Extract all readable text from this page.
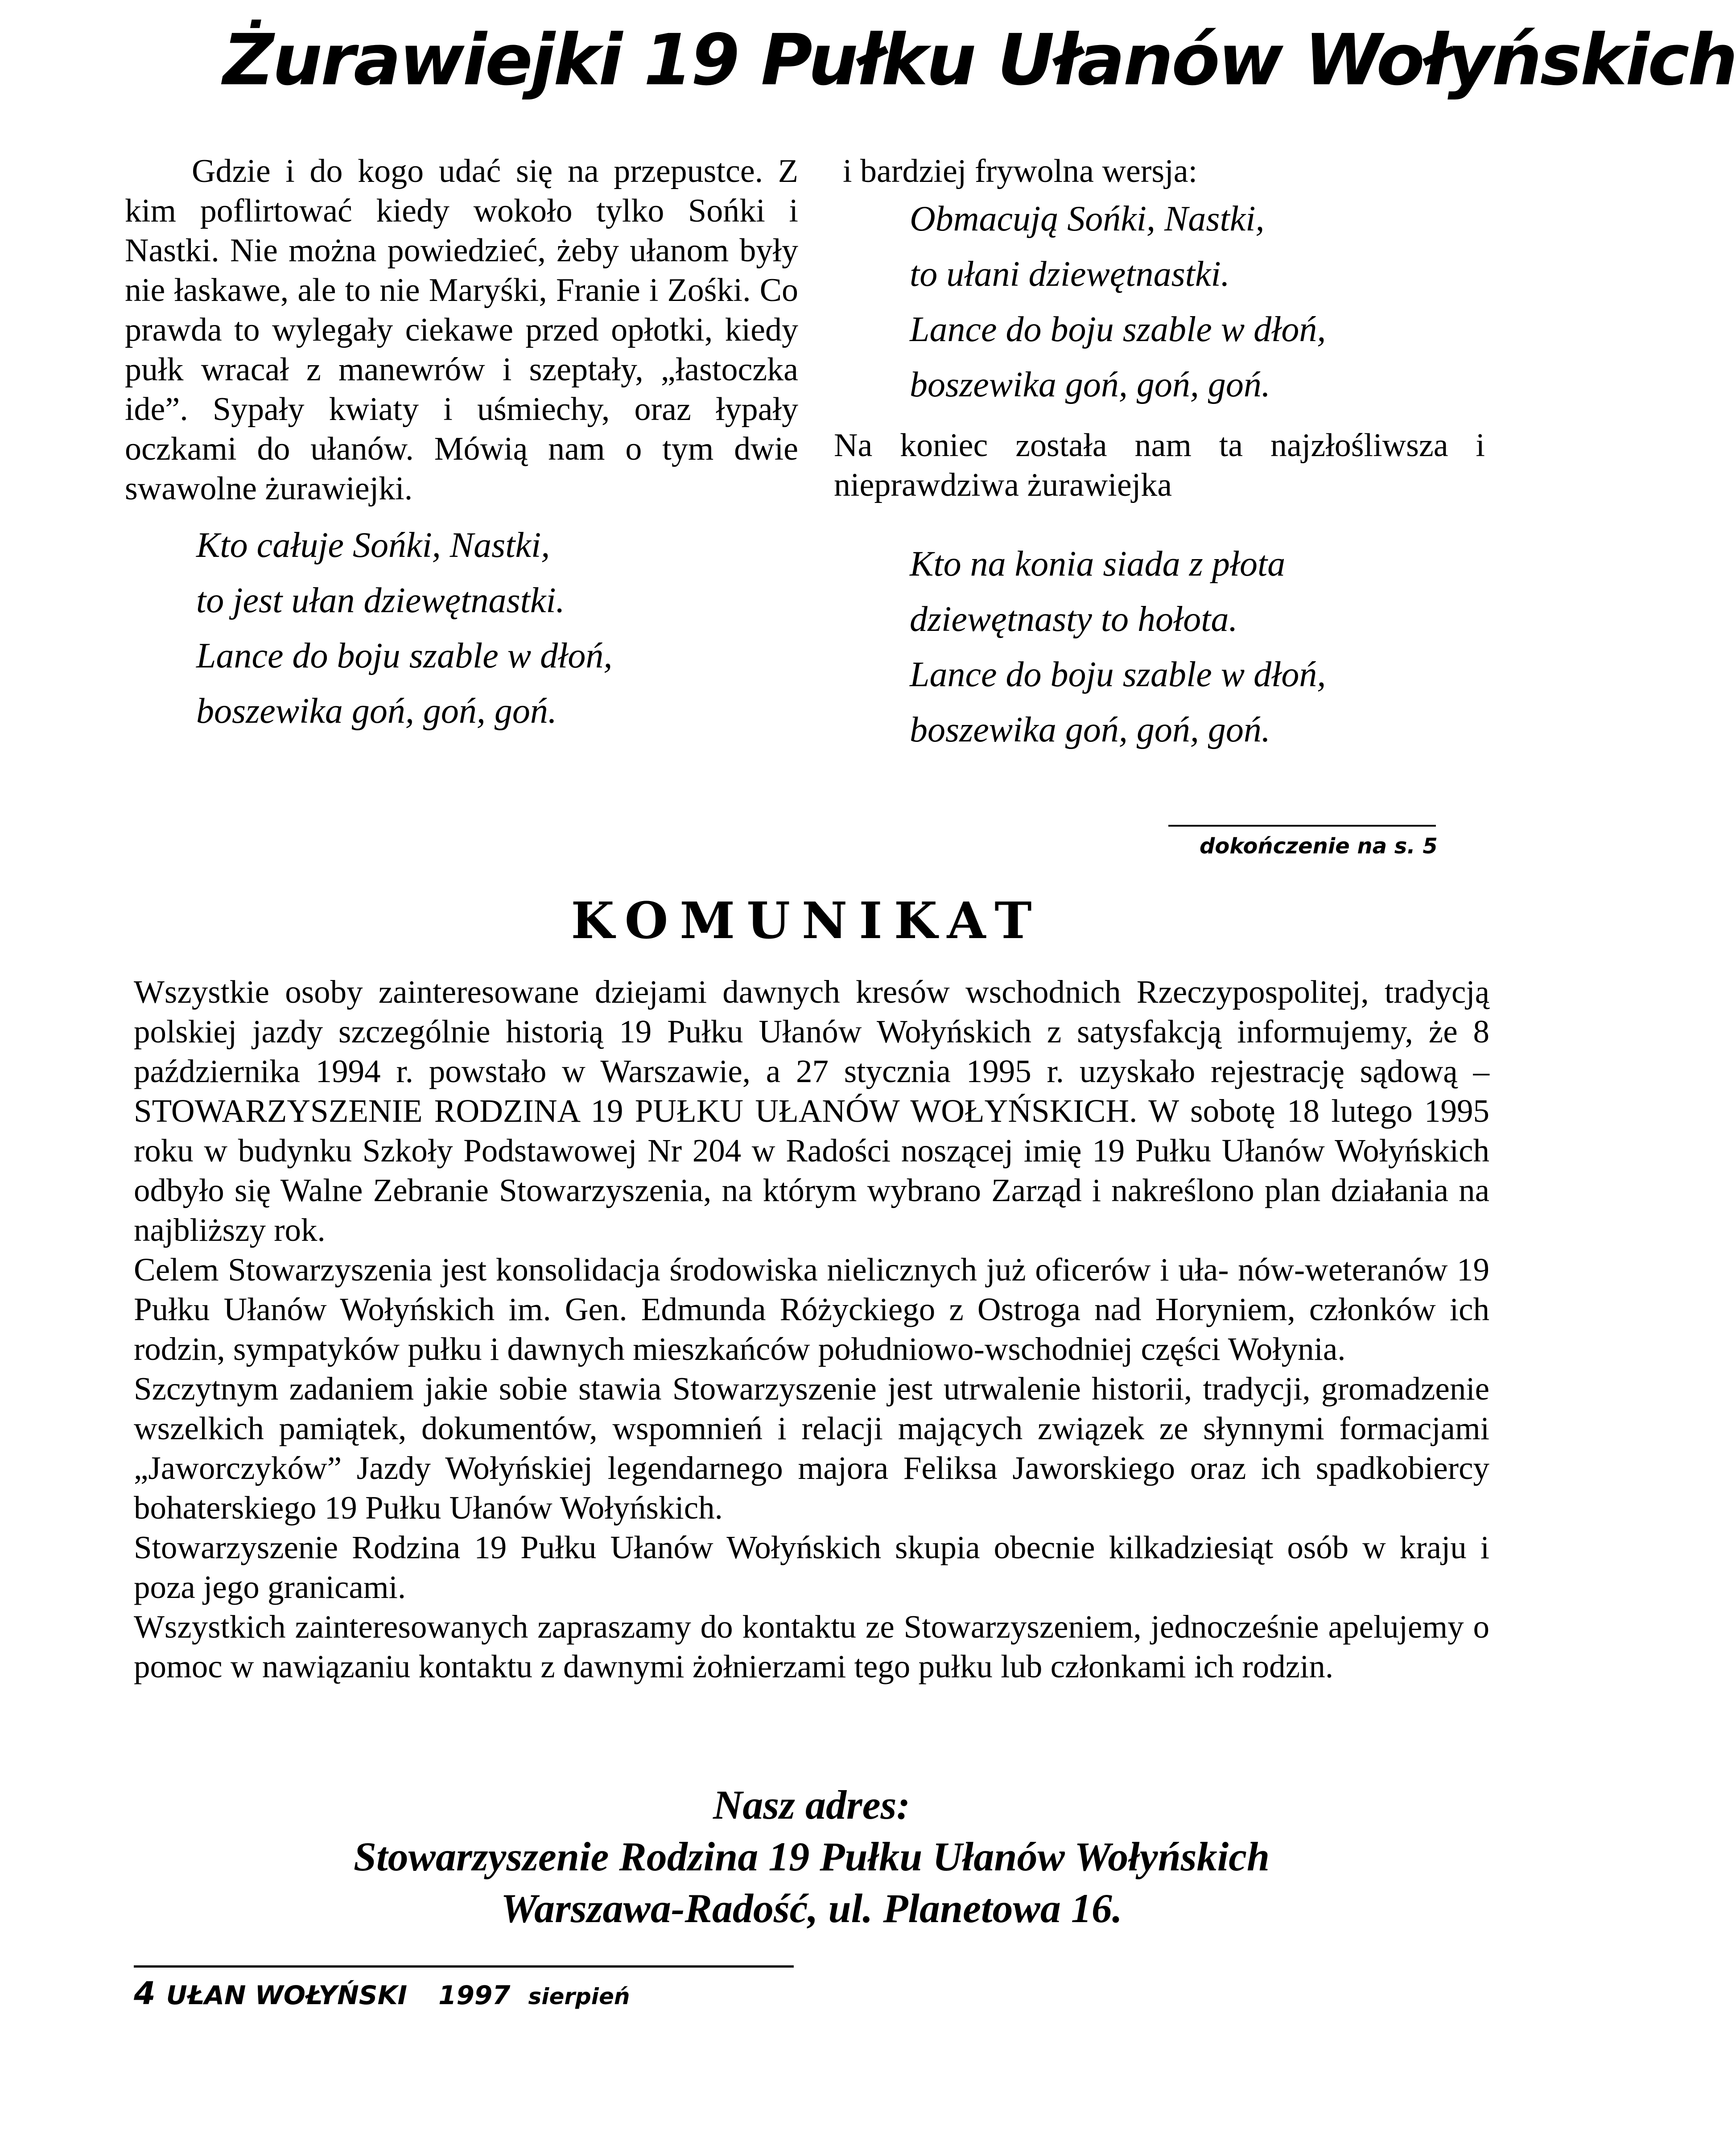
Żurawiejki 19 Pułku Ułanów Wołyńskich

Gdzie i do kogo udać się na przepustce. Z kim poflirtować kiedy wokoło tylko Sońki i Nastki. Nie można powiedzieć, żeby ułanom były nie łaskawe, ale to nie Maryśki, Franie i Zośki. Co prawda to wylegały ciekawe przed opłotki, kiedy pułk wracał z manewrów i szeptały, „łastoczka ide”. Sypały kwiaty i uśmiechy, oraz łypały oczkami do ułanów. Mówią nam o tym dwie swawolne żurawiejki.

Kto całuje Sońki, Nastki,
to jest ułan dziewętnastki.
Lance do boju szable w dłoń,
boszewika goń, goń, goń.

i bardziej frywolna wersja:

Obmacują Sońki, Nastki,
to ułani dziewętnastki.
Lance do boju szable w dłoń,
boszewika goń, goń, goń.

Na koniec została nam ta najzłośliwsza i nieprawdziwa żurawiejka

Kto na konia siada z płota
dziewętnasty to hołota.
Lance do boju szable w dłoń,
boszewika goń, goń, goń.
dokończenie na s. 5
KOMUNIKAT

Wszystkie osoby zainteresowane dziejami dawnych kresów wschodnich Rzeczypospolitej, tradycją polskiej jazdy szczególnie historią 19 Pułku Ułanów Wołyńskich z satysfakcją informujemy, że 8 października 1994 r. powstało w Warszawie, a 27 stycznia 1995 r. uzyskało rejestrację sądową – STOWARZYSZENIE RODZINA 19 PUŁKU UŁANÓW WOŁYŃSKICH. W sobotę 18 lutego 1995 roku w budynku Szkoły Podstawowej Nr 204 w Radości noszącej imię 19 Pułku Ułanów Wołyńskich odbyło się Walne Zebranie Stowarzyszenia, na którym wybrano Zarząd i nakreślono plan działania na najbliższy rok.

Celem Stowarzyszenia jest konsolidacja środowiska nielicznych już oficerów i uła- nów-weteranów 19 Pułku Ułanów Wołyńskich im. Gen. Edmunda Różyckiego z Ostroga nad Horyniem, członków ich rodzin, sympatyków pułku i dawnych mieszkańców południowo-wschodniej części Wołynia.

Szczytnym zadaniem jakie sobie stawia Stowarzyszenie jest utrwalenie historii, tradycji, gromadzenie wszelkich pamiątek, dokumentów, wspomnień i relacji mających związek ze słynnymi formacjami „Jaworczyków” Jazdy Wołyńskiej legendarnego majora Feliksa Jaworskiego oraz ich spadkobiercy bohaterskiego 19 Pułku Ułanów Wołyńskich.

Stowarzyszenie Rodzina 19 Pułku Ułanów Wołyńskich skupia obecnie kilkadziesiąt osób w kraju i poza jego granicami.

Wszystkich zainteresowanych zapraszamy do kontaktu ze Stowarzyszeniem, jednocześnie apelujemy o pomoc w nawiązaniu kontaktu z dawnymi żołnierzami tego pułku lub członkami ich rodzin.

Nasz adres:
Stowarzyszenie Rodzina 19 Pułku Ułanów Wołyńskich
Warszawa-Radość, ul. Planetowa 16.
4 UŁAN WOŁYŃSKI 1997 sierpień
